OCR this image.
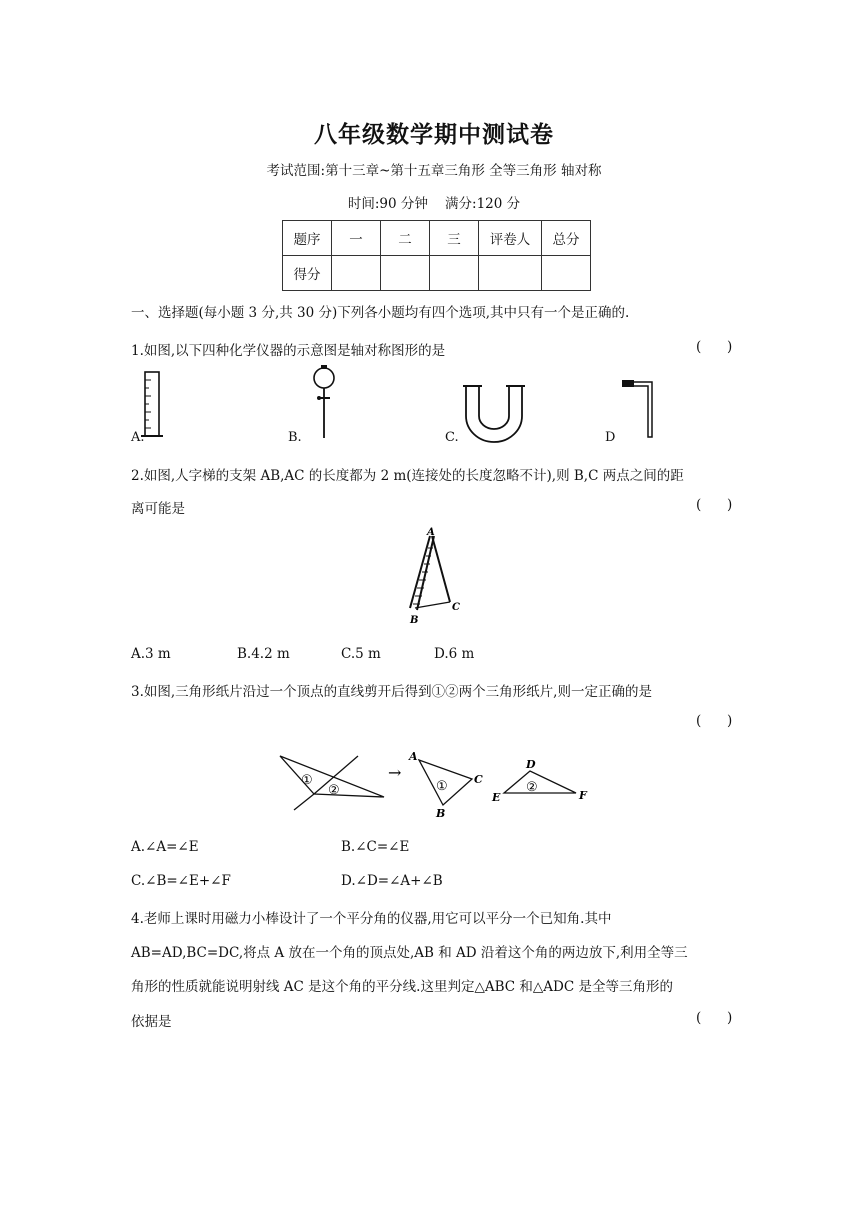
八年级数学期中测试卷
考试范围:第十三章~第十五章三角形 全等三角形 轴对称
时间:90 分钟    满分:120 分
题序	一	二	三	评卷人	总分
得分					
一、选择题(每小题 3 分,共 30 分)下列各小题均有四个选项,其中只有一个是正确的.
1.如图,以下四种化学仪器的示意图是轴对称图形的是	(      )
A.	B.	C.	D
2.如图,人字梯的支架 AB,AC 的长度都为 2 m(连接处的长度忽略不计),则 B,C 两点之间的距
离可能是	(      )
A
B
C
A.3 m	B.4.2 m	C.5 m	D.6 m
3.如图,三角形纸片沿过一个顶点的直线剪开后得到①②两个三角形纸片,则一定正确的是
(      )
①
②
→
①
A
C
B
②
D
E	F
A.∠A=∠E	B.∠C=∠E
C.∠B=∠E+∠F	D.∠D=∠A+∠B
4.老师上课时用磁力小棒设计了一个平分角的仪器,用它可以平分一个已知角.其中
AB=AD,BC=DC,将点 A 放在一个角的顶点处,AB 和 AD 沿着这个角的两边放下,利用全等三
角形的性质就能说明射线 AC 是这个角的平分线.这里判定△ABC 和△ADC 是全等三角形的
依据是	(      )
